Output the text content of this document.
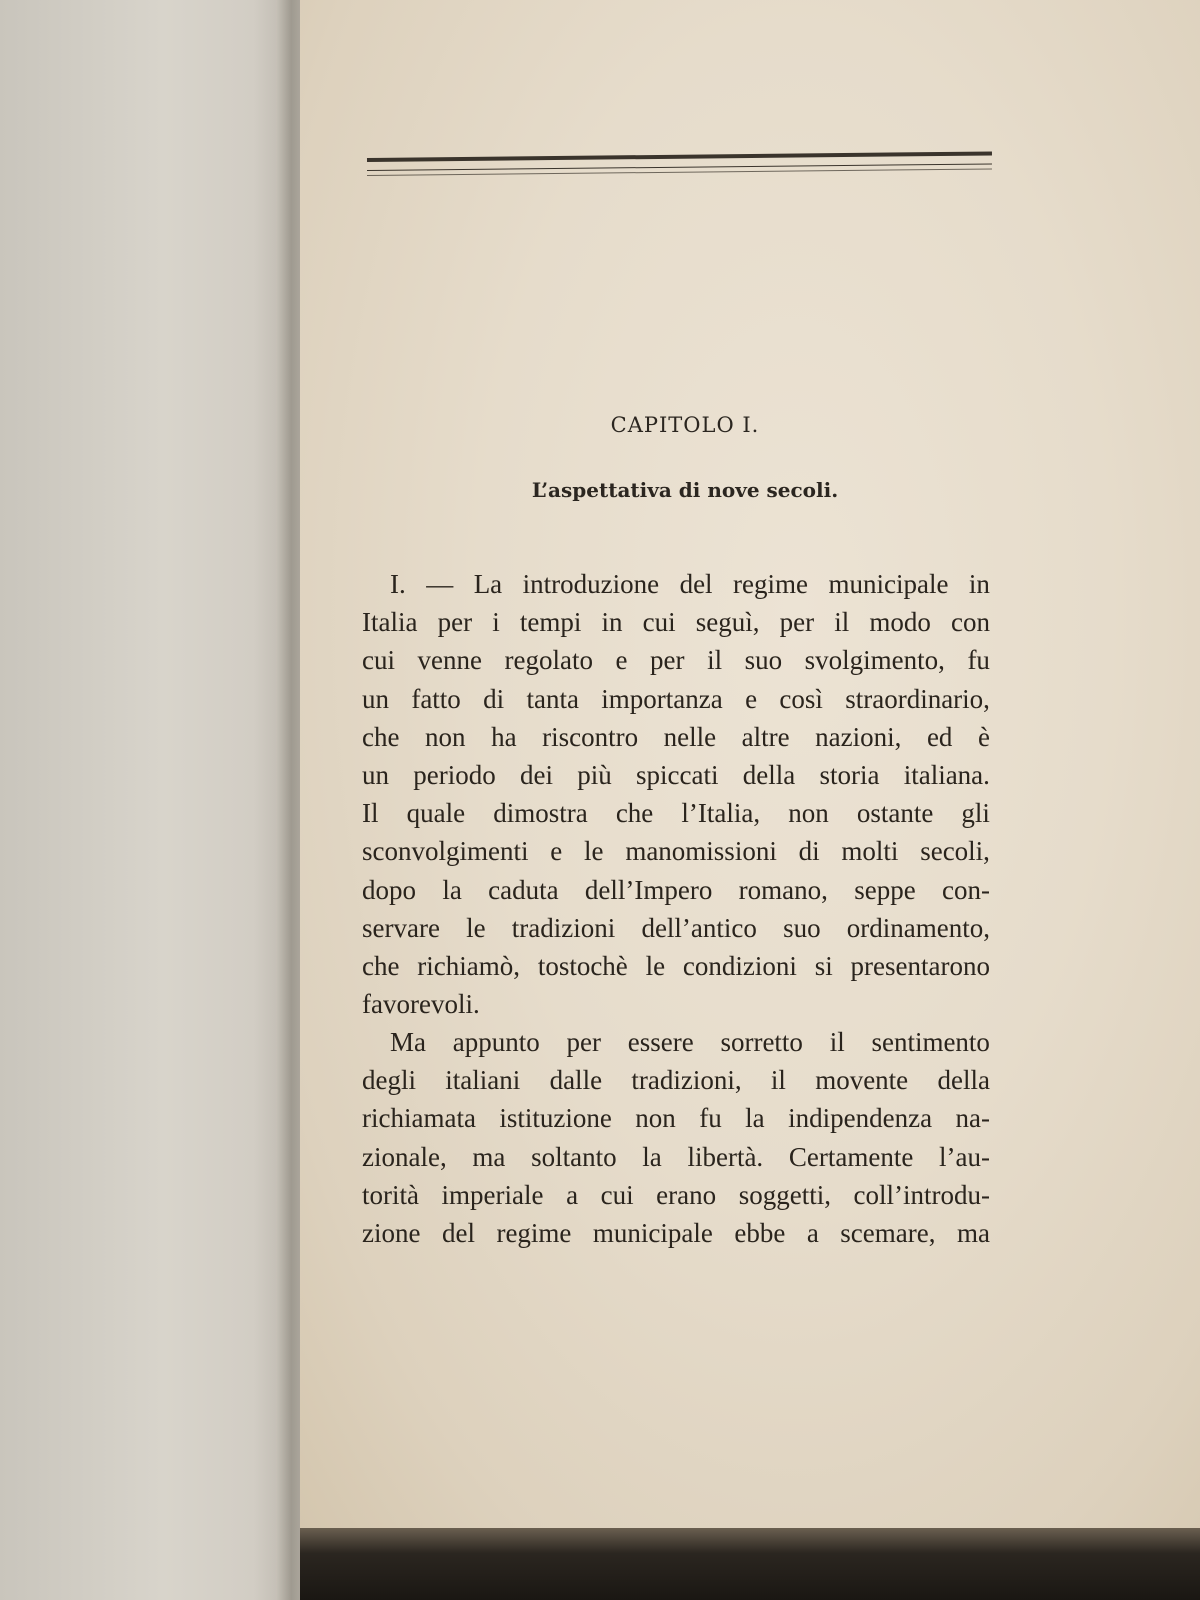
CAPITOLO I.
L’aspettativa di nove secoli.
I. — La introduzione del regime municipale in
Italia per i tempi in cui seguì, per il modo con
cui venne regolato e per il suo svolgimento, fu
un fatto di tanta importanza e così straordinario,
che non ha riscontro nelle altre nazioni, ed è
un periodo dei più spiccati della storia italiana.
Il quale dimostra che l’Italia, non ostante gli
sconvolgimenti e le manomissioni di molti secoli,
dopo la caduta dell’Impero romano, seppe con-
servare le tradizioni dell’antico suo ordinamento,
che richiamò, tostochè le condizioni si presentarono
favorevoli.
Ma appunto per essere sorretto il sentimento
degli italiani dalle tradizioni, il movente della
richiamata istituzione non fu la indipendenza na-
zionale, ma soltanto la libertà. Certamente l’au-
torità imperiale a cui erano soggetti, coll’introdu-
zione del regime municipale ebbe a scemare, ma
